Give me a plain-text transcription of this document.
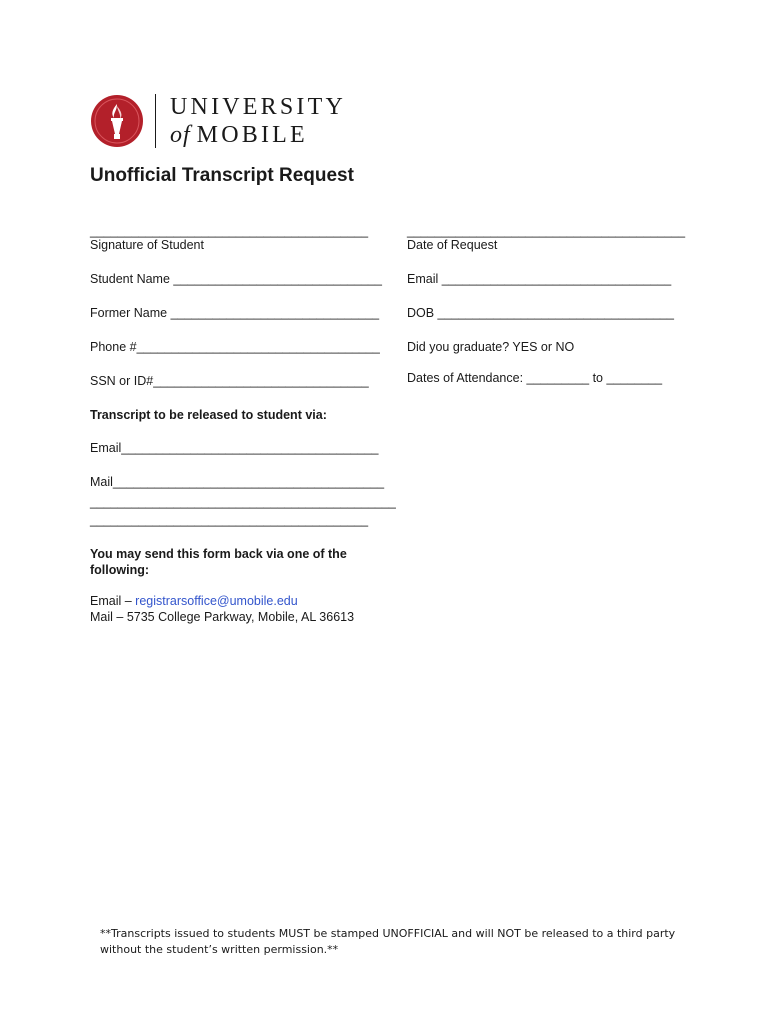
UNIVERSITY
of MOBILE
Unofficial Transcript Request
________________________________________
Signature of Student
Student Name ______________________________
Former Name ______________________________
Phone #___________________________________
SSN or ID#_______________________________
Transcript to be released to student via:
Email_____________________________________
Mail_______________________________________
____________________________________________
________________________________________
You may send this form back via one of the
following:
Email – registrarsoffice@umobile.edu
Mail – 5735 College Parkway, Mobile, AL 36613
________________________________________
Date of Request
Email _________________________________
DOB __________________________________
Did you graduate? YES or NO
Dates of Attendance: _________ to ________
**Transcripts issued to students MUST be stamped UNOFFICIAL and will NOT be released to a third party without the student’s written permission.**
